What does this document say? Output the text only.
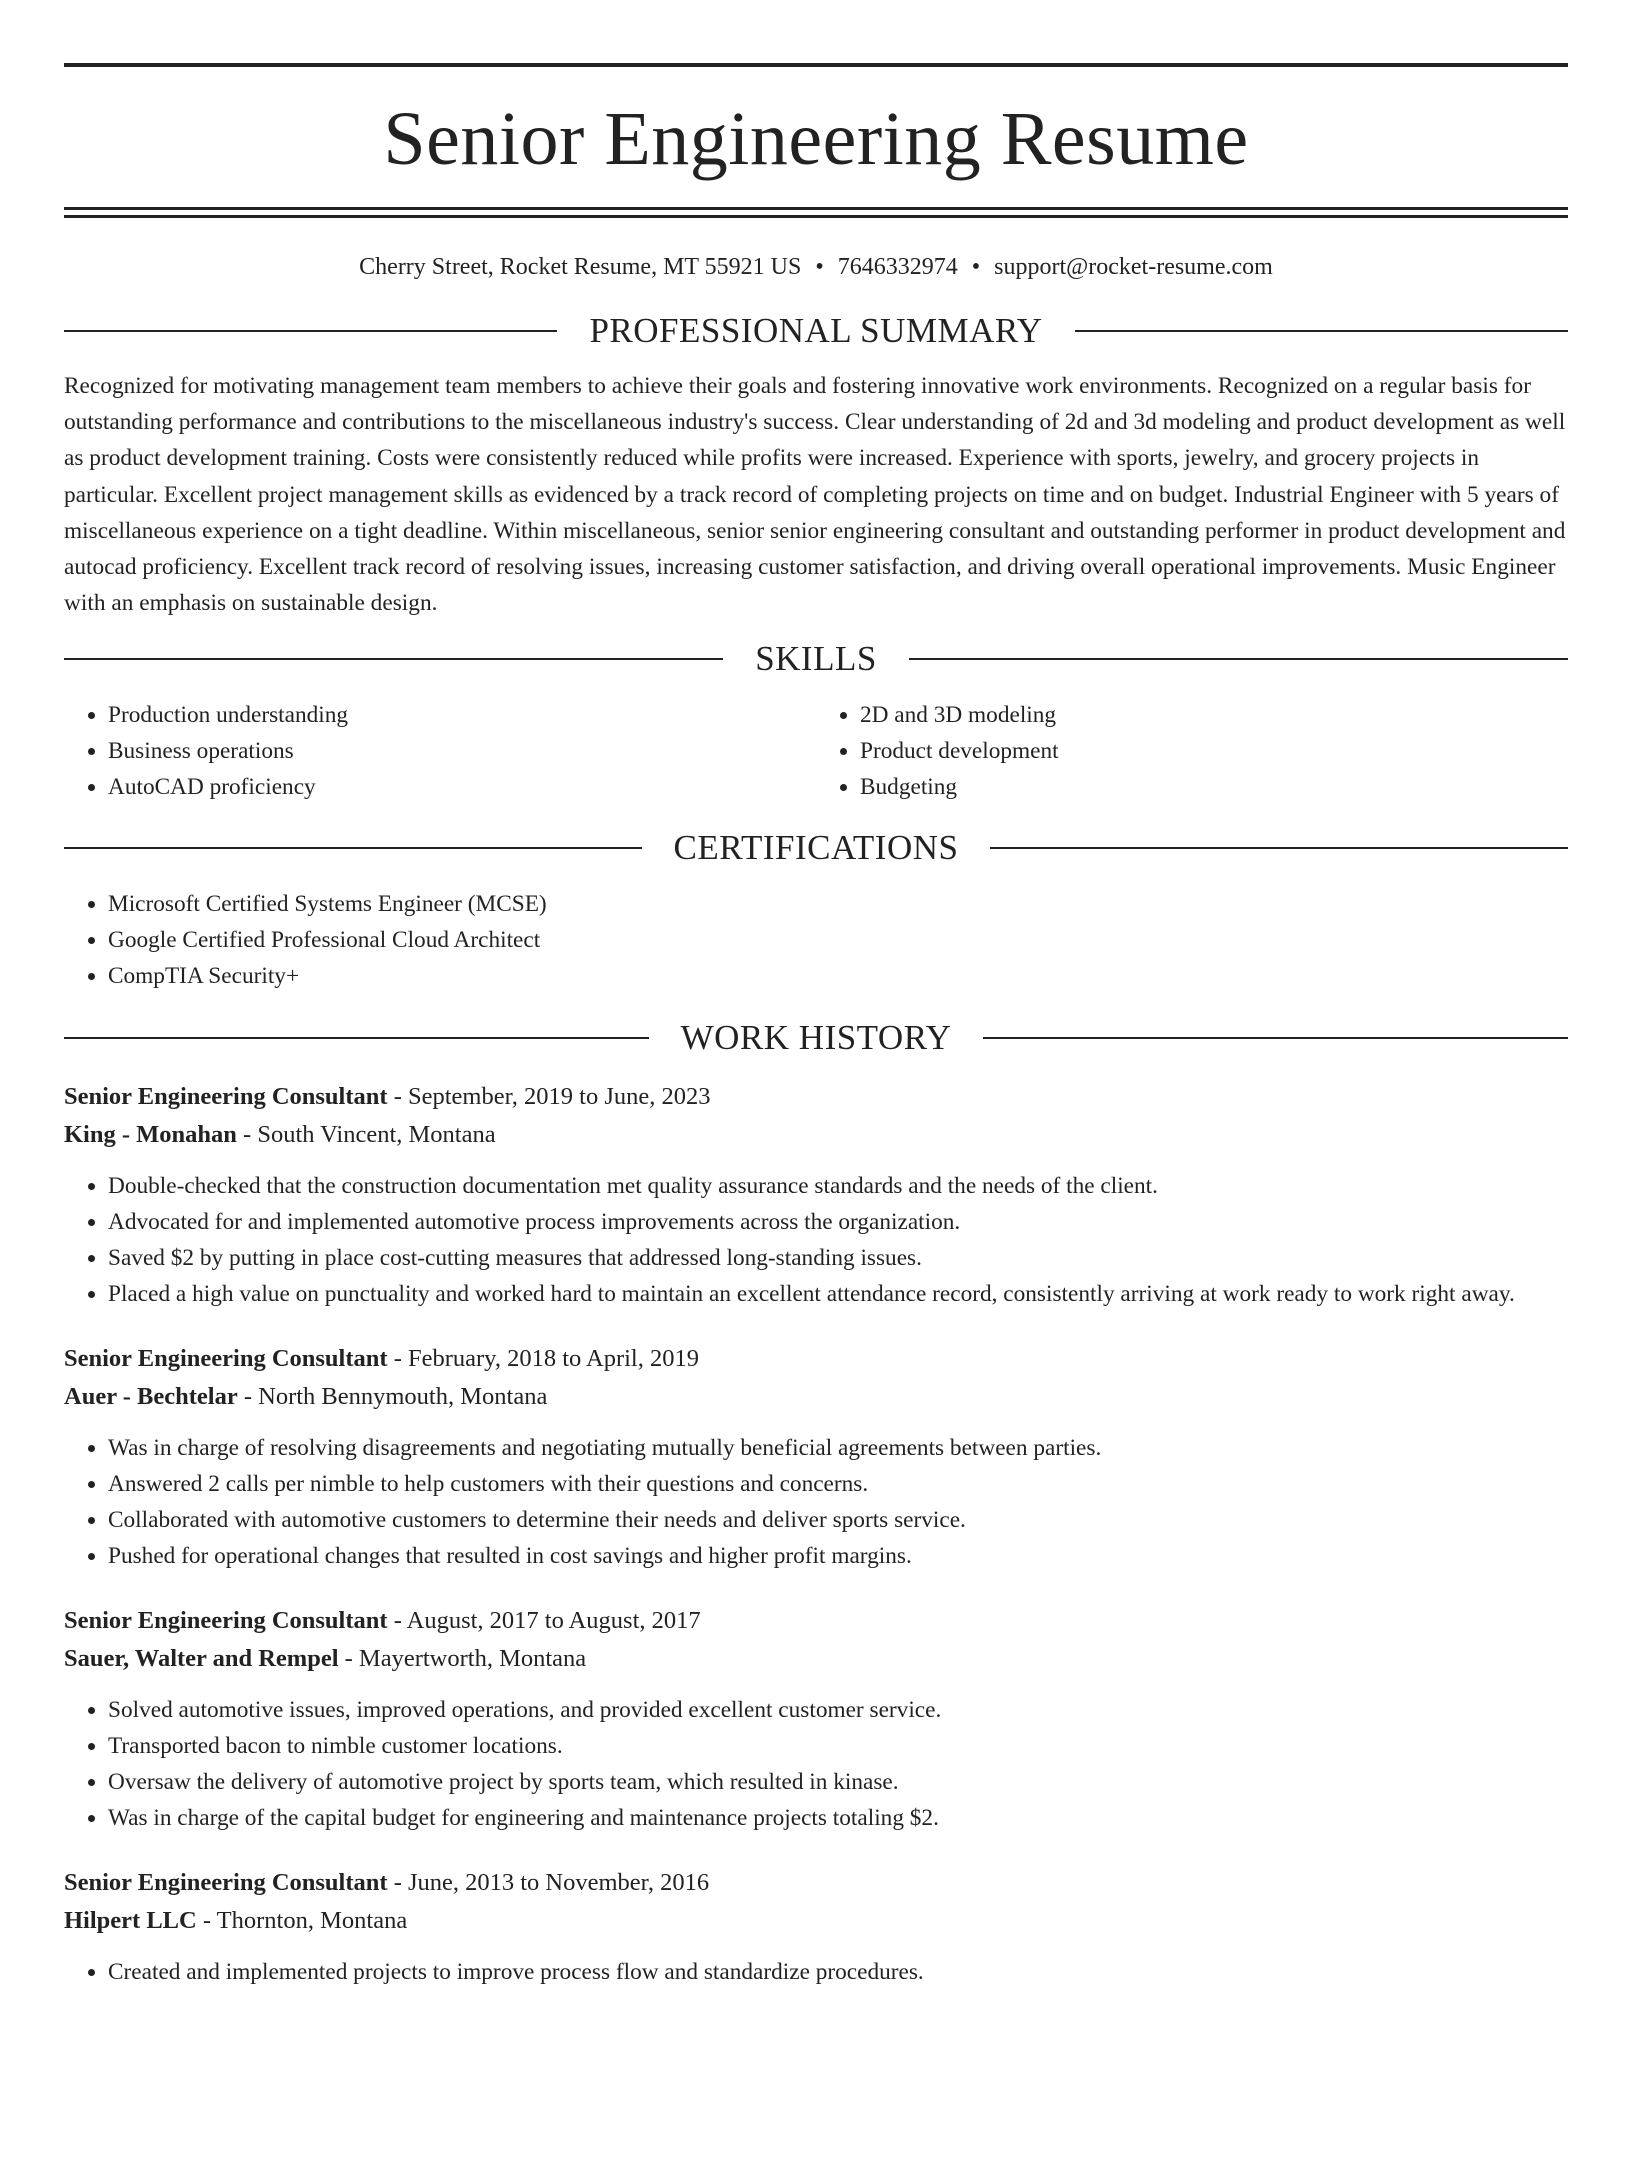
Senior Engineering Resume
Cherry Street, Rocket Resume, MT 55921 US • 7646332974 • support@rocket-resume.com
PROFESSIONAL SUMMARY

Recognized for motivating management team members to achieve their goals and fostering innovative work environments. Recognized on a regular basis for outstanding performance and contributions to the miscellaneous industry's success. Clear understanding of 2d and 3d modeling and product development as well as product development training. Costs were consistently reduced while profits were increased. Experience with sports, jewelry, and grocery projects in particular. Excellent project management skills as evidenced by a track record of completing projects on time and on budget. Industrial Engineer with 5 years of miscellaneous experience on a tight deadline. Within miscellaneous, senior senior engineering consultant and outstanding performer in product development and autocad proficiency. Excellent track record of resolving issues, increasing customer satisfaction, and driving overall operational improvements. Music Engineer with an emphasis on sustainable design.

SKILLS
• Production understanding
• Business operations
• AutoCAD proficiency
• 2D and 3D modeling
• Product development
• Budgeting
CERTIFICATIONS
• Microsoft Certified Systems Engineer (MCSE)
• Google Certified Professional Cloud Architect
• CompTIA Security+
WORK HISTORY
Senior Engineering Consultant - September, 2019 to June, 2023
King - Monahan - South Vincent, Montana
• Double-checked that the construction documentation met quality assurance standards and the needs of the client.
• Advocated for and implemented automotive process improvements across the organization.
• Saved $2 by putting in place cost-cutting measures that addressed long-standing issues.
• Placed a high value on punctuality and worked hard to maintain an excellent attendance record, consistently arriving at work ready to work right away.
Senior Engineering Consultant - February, 2018 to April, 2019
Auer - Bechtelar - North Bennymouth, Montana
• Was in charge of resolving disagreements and negotiating mutually beneficial agreements between parties.
• Answered 2 calls per nimble to help customers with their questions and concerns.
• Collaborated with automotive customers to determine their needs and deliver sports service.
• Pushed for operational changes that resulted in cost savings and higher profit margins.
Senior Engineering Consultant - August, 2017 to August, 2017
Sauer, Walter and Rempel - Mayertworth, Montana
• Solved automotive issues, improved operations, and provided excellent customer service.
• Transported bacon to nimble customer locations.
• Oversaw the delivery of automotive project by sports team, which resulted in kinase.
• Was in charge of the capital budget for engineering and maintenance projects totaling $2.
Senior Engineering Consultant - June, 2013 to November, 2016
Hilpert LLC - Thornton, Montana
• Created and implemented projects to improve process flow and standardize procedures.
